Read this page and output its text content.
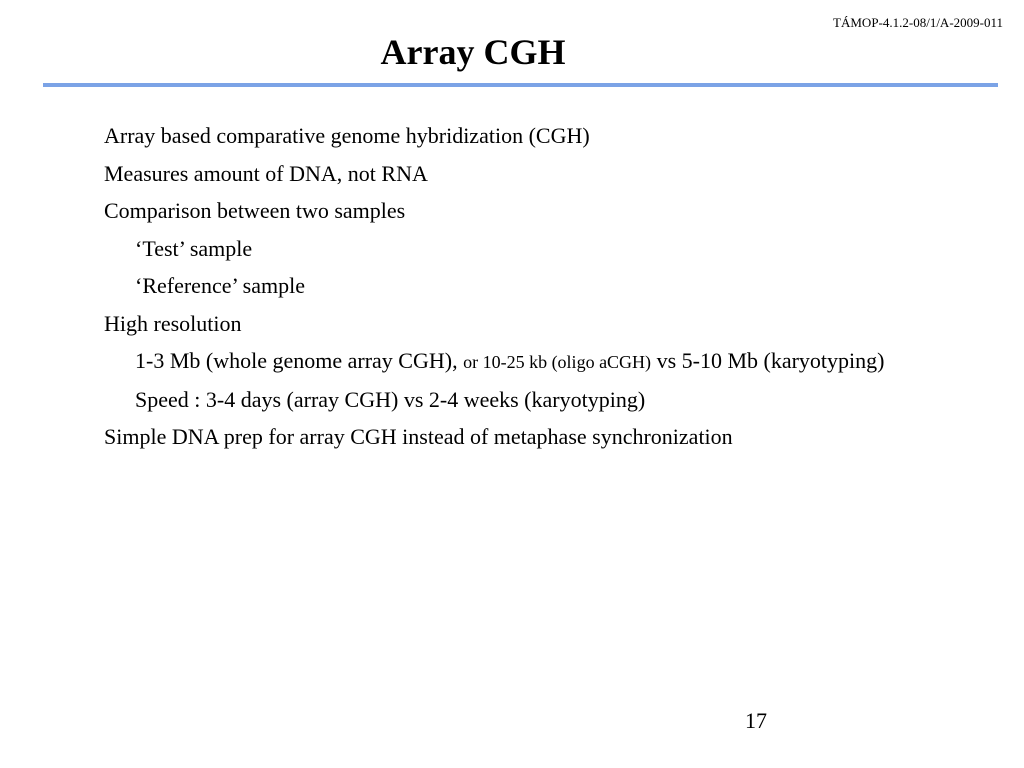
TÁMOP-4.1.2-08/1/A-2009-011
Array CGH
Array based comparative genome hybridization (CGH)
Measures amount of DNA, not RNA
Comparison between two samples
‘Test’ sample
‘Reference’ sample
High resolution
1-3 Mb (whole genome array CGH), or 10-25 kb (oligo aCGH) vs 5-10 Mb (karyotyping)
Speed : 3-4 days (array CGH) vs 2-4 weeks (karyotyping)
Simple DNA prep for array CGH instead of metaphase synchronization
17
